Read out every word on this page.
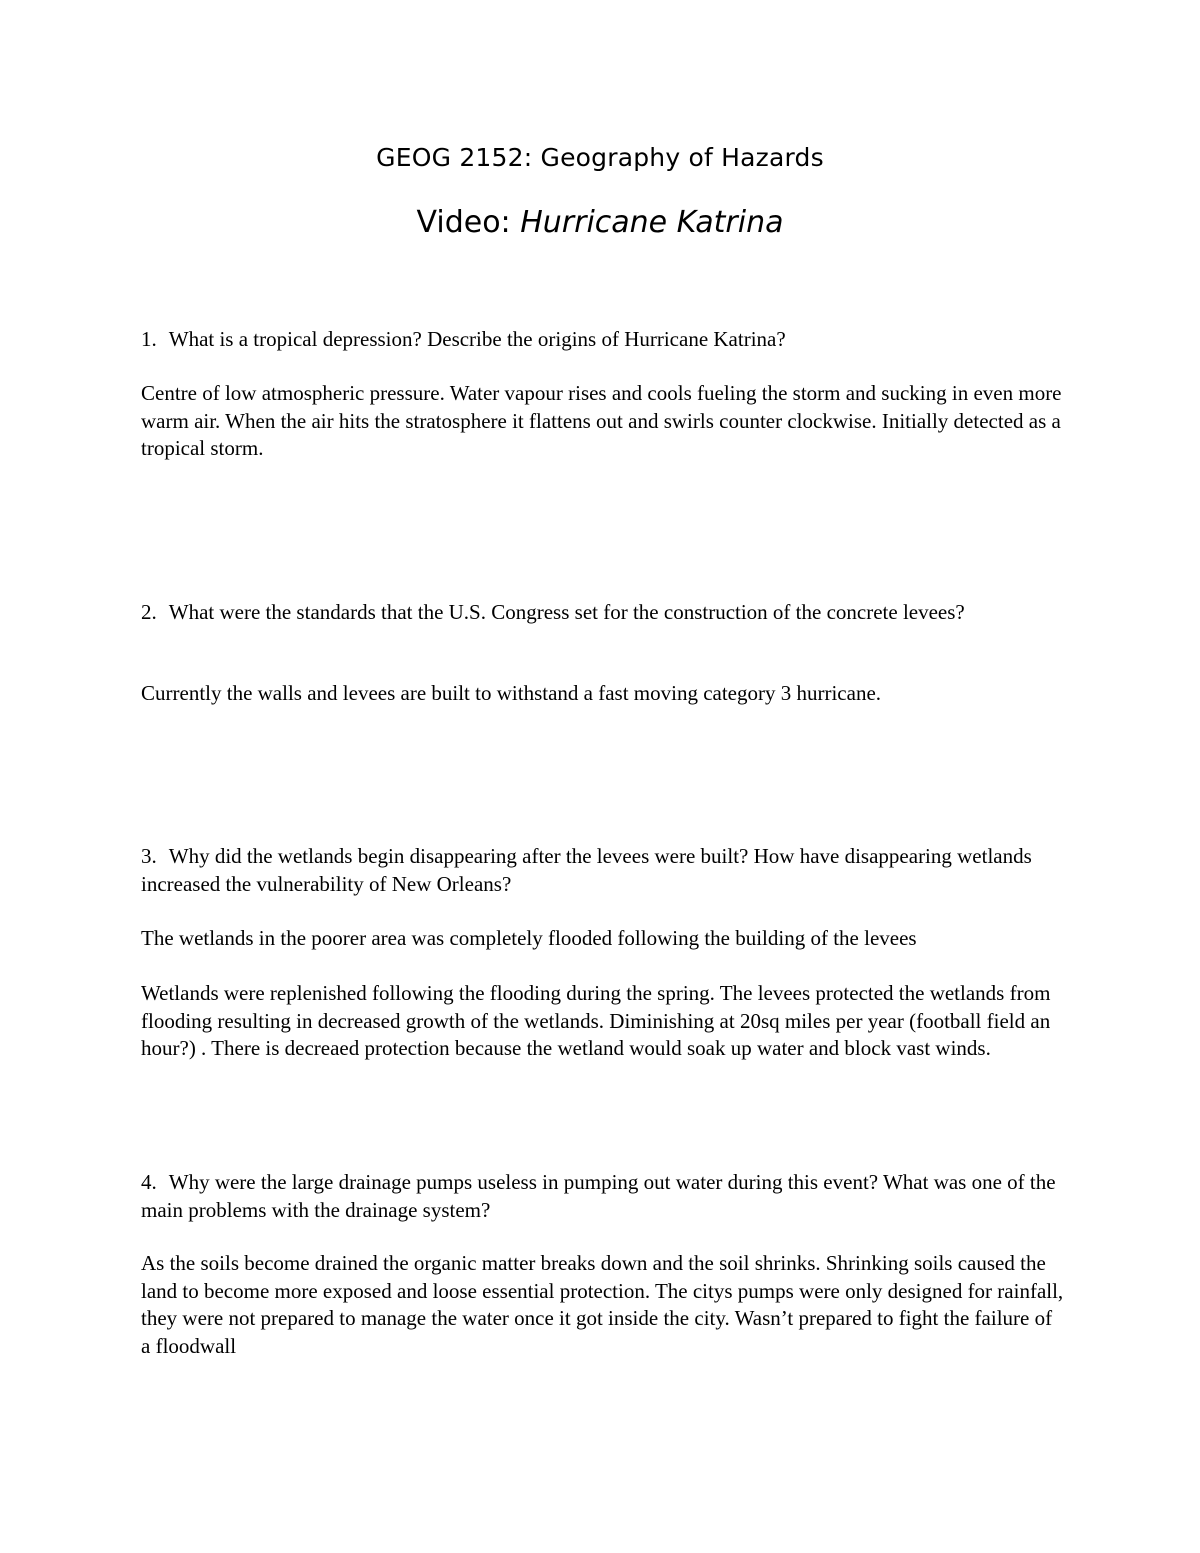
GEOG 2152: Geography of Hazards
Video: Hurricane Katrina

1. What is a tropical depression? Describe the origins of Hurricane Katrina?

Centre of low atmospheric pressure. Water vapour rises and cools fueling the storm and sucking in even more warm air. When the air hits the stratosphere it flattens out and swirls counter clockwise. Initially detected as a tropical storm.

2. What were the standards that the U.S. Congress set for the construction of the concrete levees?

Currently the walls and levees are built to withstand a fast moving category 3 hurricane.

3. Why did the wetlands begin disappearing after the levees were built? How have disappearing wetlands increased the vulnerability of New Orleans?

The wetlands in the poorer area was completely flooded following the building of the levees

Wetlands were replenished following the flooding during the spring. The levees protected the wetlands from flooding resulting in decreased growth of the wetlands. Diminishing at 20sq miles per year (football field an hour?) . There is decreaed protection because the wetland would soak up water and block vast winds.

4. Why were the large drainage pumps useless in pumping out water during this event? What was one of the main problems with the drainage system?

As the soils become drained the organic matter breaks down and the soil shrinks. Shrinking soils caused the land to become more exposed and loose essential protection. The citys pumps were only designed for rainfall, they were not prepared to manage the water once it got inside the city. Wasn’t prepared to fight the failure of a floodwall
